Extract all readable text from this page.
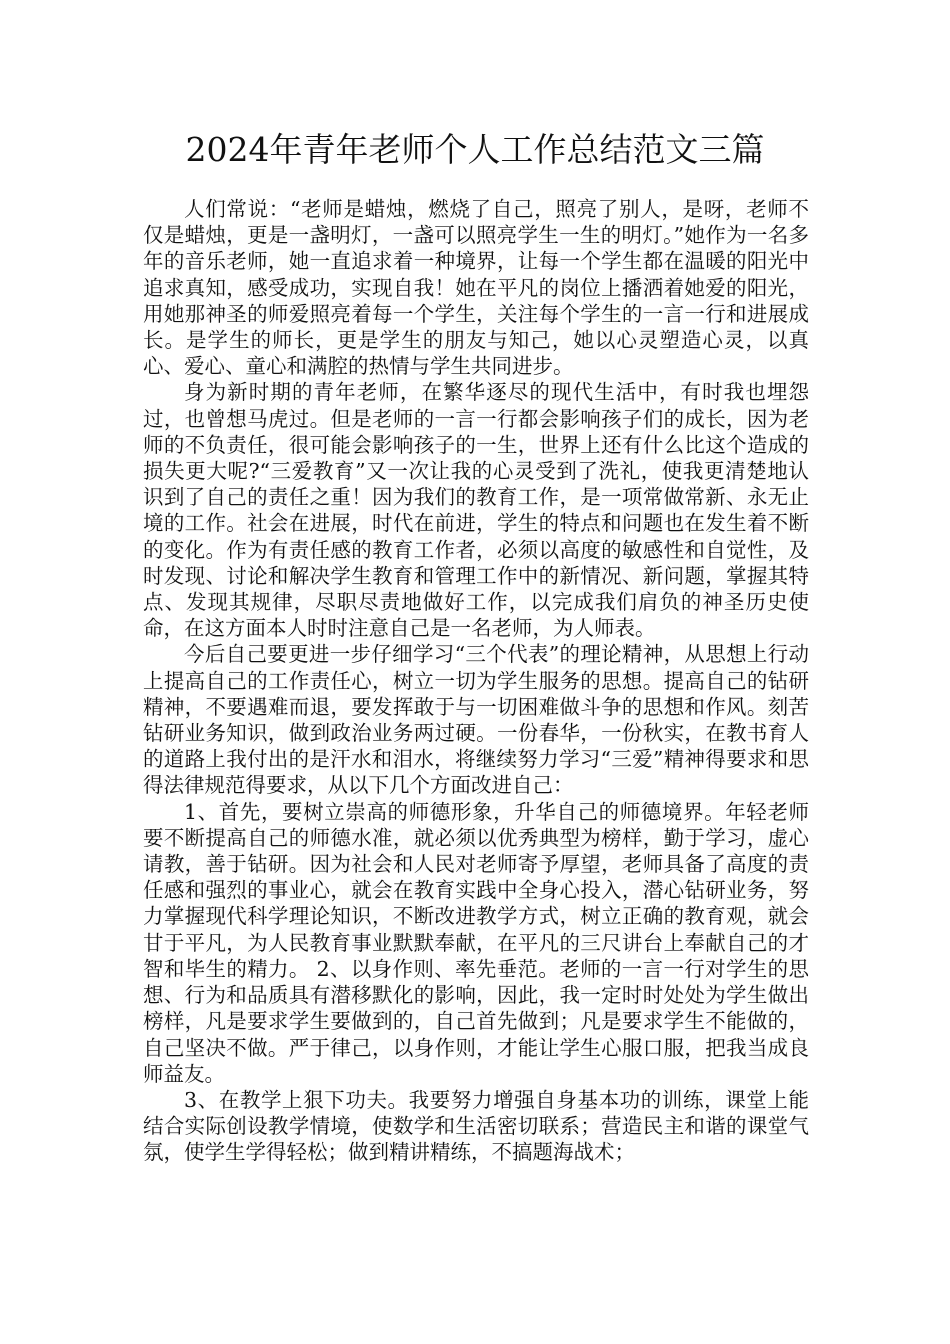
2024年青年老师个人工作总结范文三篇

人们常说：“老师是蜡烛，燃烧了自己，照亮了别人，是呀，老师不仅是蜡烛，更是一盏明灯，一盏可以照亮学生一生的明灯。”她作为一名多年的音乐老师，她一直追求着一种境界，让每一个学生都在温暖的阳光中追求真知，感受成功，实现自我！她在平凡的岗位上播洒着她爱的阳光，用她那神圣的师爱照亮着每一个学生，关注每个学生的一言一行和进展成长。是学生的师长，更是学生的朋友与知己，她以心灵塑造心灵，以真心、爱心、童心和满腔的热情与学生共同进步。

身为新时期的青年老师，在繁华逐尽的现代生活中，有时我也埋怨过，也曾想马虎过。但是老师的一言一行都会影响孩子们的成长，因为老师的不负责任，很可能会影响孩子的一生，世界上还有什么比这个造成的损失更大呢?“三爱教育”又一次让我的心灵受到了洗礼，使我更清楚地认识到了自己的责任之重！因为我们的教育工作，是一项常做常新、永无止境的工作。社会在进展，时代在前进，学生的特点和问题也在发生着不断的变化。作为有责任感的教育工作者，必须以高度的敏感性和自觉性，及时发现、讨论和解决学生教育和管理工作中的新情况、新问题，掌握其特点、发现其规律，尽职尽责地做好工作，以完成我们肩负的神圣历史使命，在这方面本人时时注意自己是一名老师，为人师表。

今后自己要更进一步仔细学习“三个代表”的理论精神，从思想上行动上提高自己的工作责任心，树立一切为学生服务的思想。提高自己的钻研精神，不要遇难而退，要发挥敢于与一切困难做斗争的思想和作风。刻苦钻研业务知识，做到政治业务两过硬。一份春华，一份秋实，在教书育人的道路上我付出的是汗水和泪水，将继续努力学习“三爱”精神得要求和思得法律规范得要求，从以下几个方面改进自己：

1、首先，要树立崇高的师德形象，升华自己的师德境界。年轻老师要不断提高自己的师德水准，就必须以优秀典型为榜样，勤于学习，虚心请教，善于钻研。因为社会和人民对老师寄予厚望，老师具备了高度的责任感和强烈的事业心，就会在教育实践中全身心投入，潜心钻研业务，努力掌握现代科学理论知识，不断改进教学方式，树立正确的教育观，就会甘于平凡，为人民教育事业默默奉献，在平凡的三尺讲台上奉献自己的才智和毕生的精力。 2、以身作则、率先垂范。老师的一言一行对学生的思想、行为和品质具有潜移默化的影响，因此，我一定时时处处为学生做出榜样，凡是要求学生要做到的，自己首先做到；凡是要求学生不能做的，自己坚决不做。严于律己，以身作则，才能让学生心服口服，把我当成良师益友。

3、在教学上狠下功夫。我要努力增强自身基本功的训练，课堂上能结合实际创设教学情境，使数学和生活密切联系；营造民主和谐的课堂气氛，使学生学得轻松；做到精讲精练，不搞题海战术；
